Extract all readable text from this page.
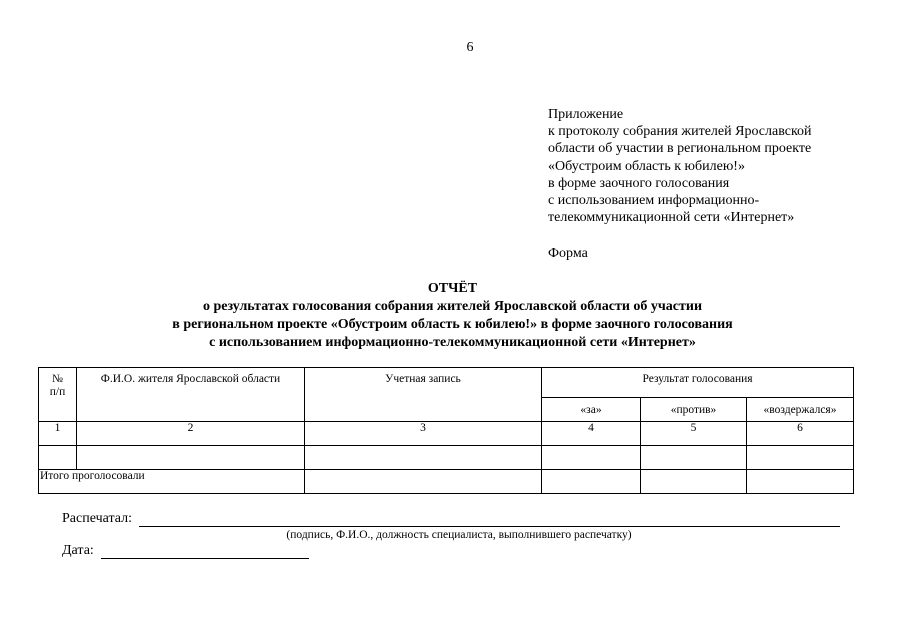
6
Приложение
к протоколу собрания жителей Ярославской
области об участии в региональном проекте
«Обустроим область к юбилею!»
в форме заочного голосования
с использованием информационно-
телекоммуникационной сети «Интернет»
Форма
ОТЧЁТ
о результатах голосования собрания жителей Ярославской области об участии
в региональном проекте «Обустроим область к юбилею!» в форме заочного голосования
с использованием информационно-телекоммуникационной сети «Интернет»
№
п/п	Ф.И.О. жителя Ярославской области	Учетная запись	Результат голосования		
			«за»	«против»	«воздержался»
1	2	3	4	5	6

Итого проголосовали					
Распечатал:
(подпись, Ф.И.О., должность специалиста, выполнившего распечатку)
Дата:
